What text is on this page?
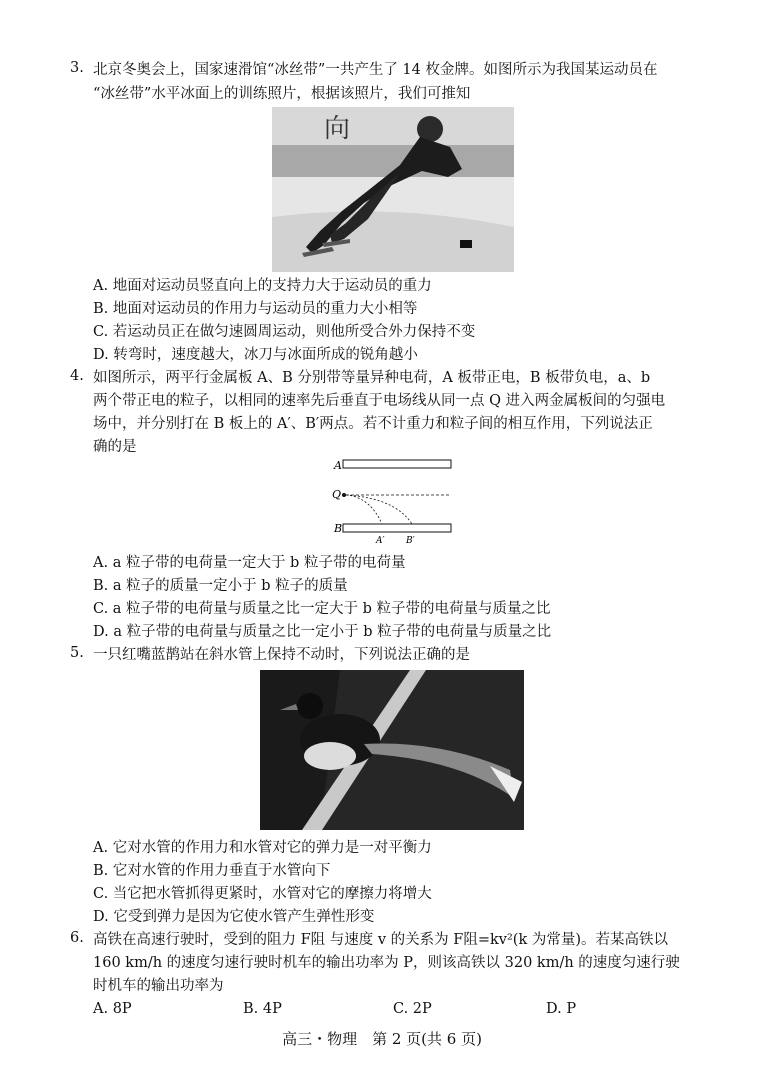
3. 北京冬奥会上，国家速滑馆“冰丝带”一共产生了 14 枚金牌。如图所示为我国某运动员在
“冰丝带”水平冰面上的训练照片，根据该照片，我们可推知
向
A. 地面对运动员竖直向上的支持力大于运动员的重力
B. 地面对运动员的作用力与运动员的重力大小相等
C. 若运动员正在做匀速圆周运动，则他所受合外力保持不变
D. 转弯时，速度越大，冰刀与冰面所成的锐角越小
4. 如图所示，两平行金属板 A、B 分别带等量异种电荷，A 板带正电，B 板带负电，a、b
两个带正电的粒子，以相同的速率先后垂直于电场线从同一点 Q 进入两金属板间的匀强电
场中，并分别打在 B 板上的 A′、B′两点。若不计重力和粒子间的相互作用，下列说法正
确的是
A
Q
B
A′ B′
A. a 粒子带的电荷量一定大于 b 粒子带的电荷量
B. a 粒子的质量一定小于 b 粒子的质量
C. a 粒子带的电荷量与质量之比一定大于 b 粒子带的电荷量与质量之比
D. a 粒子带的电荷量与质量之比一定小于 b 粒子带的电荷量与质量之比
5. 一只红嘴蓝鹊站在斜水管上保持不动时，下列说法正确的是
A. 它对水管的作用力和水管对它的弹力是一对平衡力
B. 它对水管的作用力垂直于水管向下
C. 当它把水管抓得更紧时，水管对它的摩擦力将增大
D. 它受到弹力是因为它使水管产生弹性形变
6. 高铁在高速行驶时，受到的阻力 F阻 与速度 v 的关系为 F阻=kv²(k 为常量)。若某高铁以
160 km/h 的速度匀速行驶时机车的输出功率为 P，则该高铁以 320 km/h 的速度匀速行驶
时机车的输出功率为
A. 8P	B. 4P	C. 2P	D. P
高三・物理　第 2 页(共 6 页)
